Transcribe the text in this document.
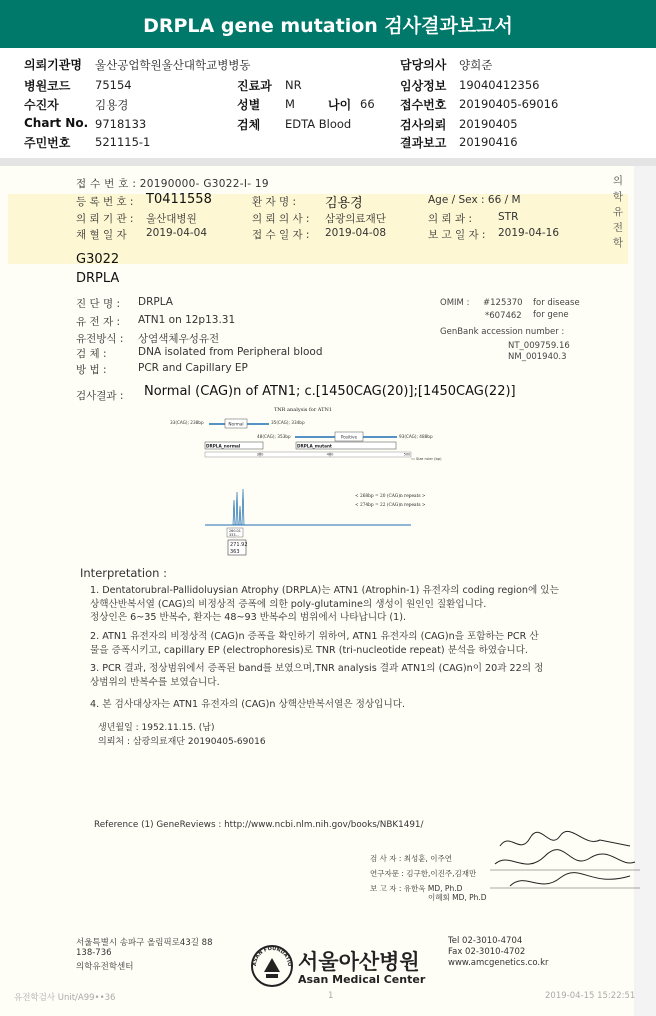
DRPLA gene mutation 검사결과보고서
의뢰기관명 울산공업학원울산대학교병병동
병원코드 75154
수진자	김용경
Chart No. 9718133
주민번호 521115-1
진료과 NR
성별 M	나이 66
검체 EDTA Blood
담당의사 양희준
임상정보 19040412356
접수번호 20190405-69016
검사의뢰 20190405
결과보고 20190416
의
학
유
전
학
접 수 번 호 : 20190000- G3022-I- 19
등 록 번 호 : T0411558	환 자 명 : 김용경	Age / Sex : 66 / M
의 뢰 기 관 : 울산대병원	의 뢰 의 사 : 삼광의료재단	의 뢰 과 : STR
채 혈 일 자 2019-04-04	접 수 일 자 : 2019-04-08	보 고 일 자 : 2019-04-16
G3022
DRPLA
진 단 명 : DRPLA
유 전 자 : ATN1 on 12p13.31
유전방식 : 상염색체우성유전
검 체 :	DNA isolated from Peripheral blood
방 법 :	PCR and Capillary EP
OMIM : #125370 for disease
*607462 for gene
GenBank accession number :
NT_009759.16
NM_001940.3
검사결과 : Normal (CAG)n of ATN1; c.[1450CAG(20)];[1450CAG(22)]
TNR analysis for ATN1
33(CAG); 238bp	Normal	35(CAG); 334bp
48(CAG); 353bp	Positive	93(CAG); 488bp
DRPLA_normal	DRPLA_mutant
300	400	500
Size ruler (bp)
< 268bp = 20 (CAG)n repeats >
< 274bp = 22 (CAG)n repeats >
260.01
333...
271.92
363
Interpretation :
1. Dentatorubral-Pallidoluysian Atrophy (DRPLA)는 ATN1 (Atrophin-1) 유전자의 coding region에 있는
상핵산반복서열 (CAG)의 비정상적 증폭에 의한 poly-glutamine의 생성이 원인인 질환입니다.
정상인은 6~35 반복수, 환자는 48~93 반복수의 범위에서 나타납니다 (1).
2. ATN1 유전자의 비정상적 (CAG)n 증폭을 확인하기 위하여, ATN1 유전자의 (CAG)n을 포함하는 PCR 산
물을 증폭시키고, capillary EP (electrophoresis)로 TNR (tri-nucleotide repeat) 분석을 하였습니다.
3. PCR 결과, 정상범위에서 증폭된 band를 보였으며,TNR analysis 결과 ATN1의 (CAG)n이 20과 22의 정
상범위의 반복수를 보였습니다.
4. 본 검사대상자는 ATN1 유전자의 (CAG)n 상핵산반복서열은 정상입니다.
생년월일 : 1952.11.15. (남)
의뢰처 : 삼광의료재단 20190405-69016
Reference (1) GeneReviews : http://www.ncbi.nlm.nih.gov/books/NBK1491/
검 사 자 : 최성훈, 이주연
연구자문 : 김구한,이진주,김재만
보 고 자 : 유한욱 MD, Ph.D
이혜회 MD, Ph.D
서울특별시 송파구 올림픽로43길 88
138-736
의학유전학센터	ASAN FOUNDATIO 서울아산병원
Asan Medical Center
Tel 02-3010-4704
Fax 02-3010-4702
www.amcgenetics.co.kr
유전학검사 Unit/A99••36	1	2019-04-15 15:22:51
